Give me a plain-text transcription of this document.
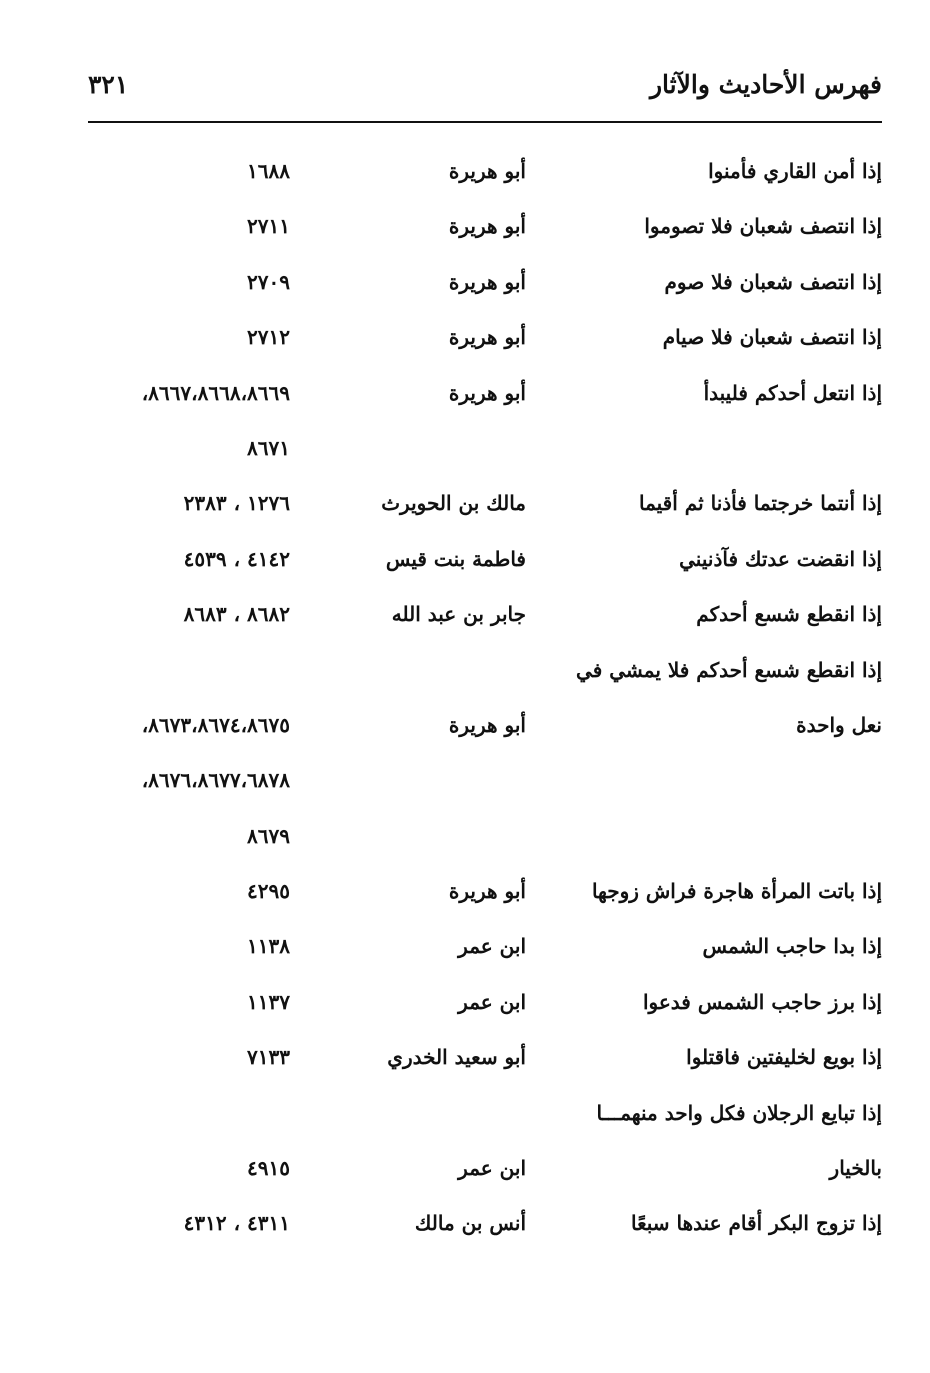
فهرس الأحاديث والآثار
٣٢١
إذا أمن القاري فأمنوا
أبو هريرة
١٦٨٨
إذا انتصف شعبان فلا تصوموا
أبو هريرة
٢٧١١
إذا انتصف شعبان فلا صوم
أبو هريرة
٢٧٠٩
إذا انتصف شعبان فلا صيام
أبو هريرة
٢٧١٢
إذا انتعل أحدكم فليبدأ
أبو هريرة
٨٦٦٧،٨٦٦٨،٨٦٦٩،
٨٦٧١
إذا أنتما خرجتما فأذنا ثم أقيما
مالك بن الحويرث
١٢٧٦ ، ٢٣٨٣
إذا انقضت عدتك فآذنيني
فاطمة بنت قيس
٤١٤٢ ، ٤٥٣٩
إذا انقطع شسع أحدكم
جابر بن عبد الله
٨٦٨٢ ، ٨٦٨٣
إذا انقطع شسع أحدكم فلا يمشي في
نعل واحدة
أبو هريرة
٨٦٧٣،٨٦٧٤،٨٦٧٥،
٨٦٧٦،٨٦٧٧،٦٨٧٨،
٨٦٧٩
إذا باتت المرأة هاجرة فراش زوجها
أبو هريرة
٤٢٩٥
إذا بدا حاجب الشمس
ابن عمر
١١٣٨
إذا برز حاجب الشمس فدعوا
ابن عمر
١١٣٧
إذا بويع لخليفتين فاقتلوا
أبو سعيد الخدري
٧١٣٣
إذا تبايع الرجلان فكل واحد منهمـــا
بالخيار
ابن عمر
٤٩١٥
إذا تزوج البكر أقام عندها سبعًا
أنس بن مالك
٤٣١١ ، ٤٣١٢
